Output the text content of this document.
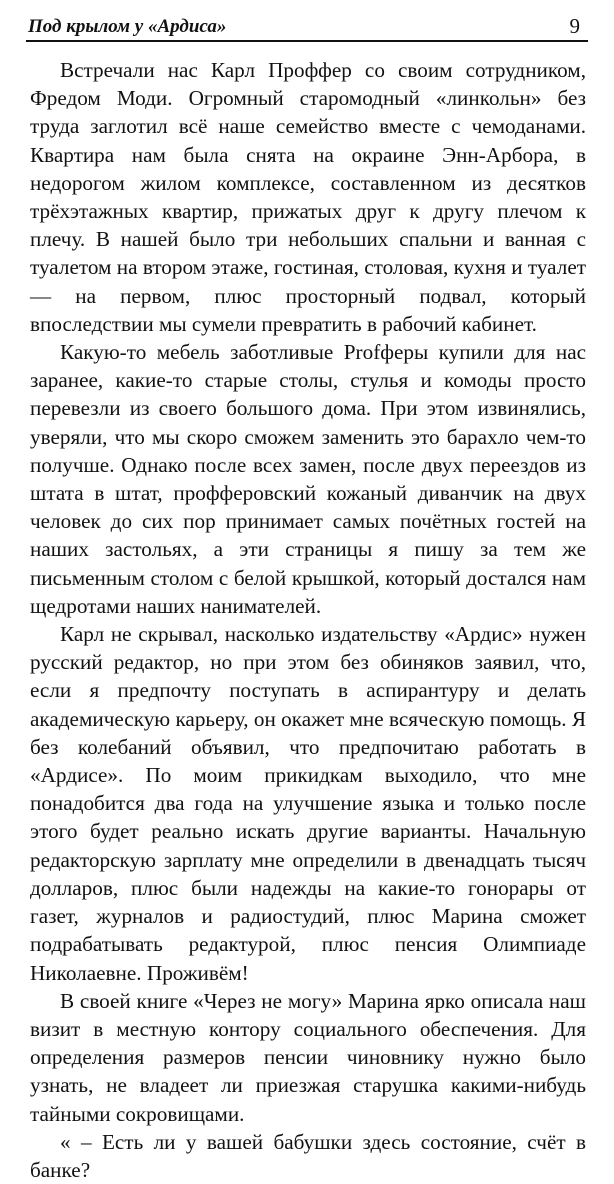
Под крылом у «Ардиса»	9

Встречали нас Карл Проффер со своим сотрудником, Фредом Моди. Огромный старомодный «линкольн» без труда заглотил всё наше семейство вместе с чемоданами. Квартира нам была снята на окраине Энн-Арбора, в недорогом жилом комплексе, составленном из десятков трёхэтажных квартир, прижатых друг к другу плечом к плечу. В нашей было три небольших спальни и ванная с туалетом на втором этаже, гостиная, столовая, кухня и туалет — на первом, плюс просторный подвал, который впоследствии мы сумели превратить в рабочий кабинет.

Какую-то мебель заботливые Profферы купили для нас заранее, какие-то старые столы, стулья и комоды просто перевезли из своего большого дома. При этом извинялись, уверяли, что мы скоро сможем заменить это барахло чем-то получше. Однако после всех замен, после двух переездов из штата в штат, профферовский кожаный диванчик на двух человек до сих пор принимает самых почётных гостей на наших застольях, а эти страницы я пишу за тем же письменным столом с белой крышкой, который достался нам щедротами наших нанимателей.

Карл не скрывал, насколько издательству «Ардис» нужен русский редактор, но при этом без обиняков заявил, что, если я предпочту поступать в аспирантуру и делать академическую карьеру, он окажет мне всяческую помощь. Я без колебаний объявил, что предпочитаю работать в «Ардисе». По моим прикидкам выходило, что мне понадобится два года на улучшение языка и только после этого будет реально искать другие варианты. Начальную редакторскую зарплату мне определили в двенадцать тысяч долларов, плюс были надежды на какие-то гонорары от газет, журналов и радиостудий, плюс Марина сможет подрабатывать редактурой, плюс пенсия Олимпиаде Николаевне. Проживём!

В своей книге «Через не могу» Марина ярко описала наш визит в местную контору социального обеспечения. Для определения размеров пенсии чиновнику нужно было узнать, не владеет ли приезжая старушка какими-нибудь тайными сокровищами.

« – Есть ли у вашей бабушки здесь состояние, счёт в банке?
